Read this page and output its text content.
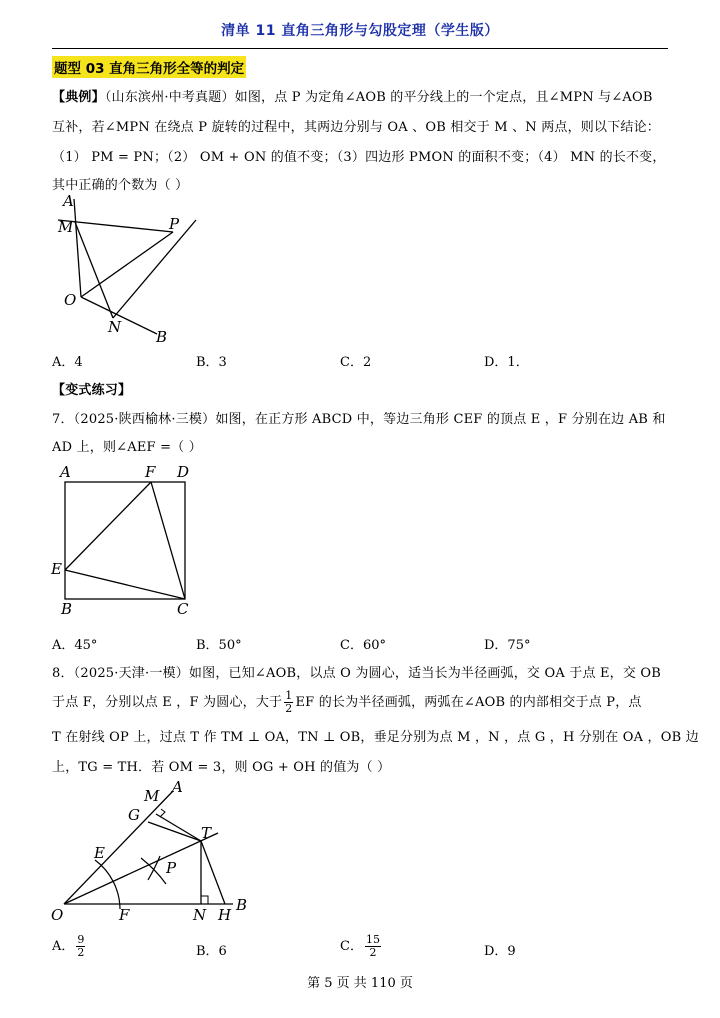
清单 11 直角三角形与勾股定理（学生版）
题型 03 直角三角形全等的判定
【典例】（山东滨州·中考真题）如图，点 P 为定角∠AOB 的平分线上的一个定点，且∠MPN 与∠AOB
互补，若∠MPN 在绕点 P 旋转的过程中，其两边分别与 OA 、OB 相交于 M 、N 两点，则以下结论：
（1） PM = PN；（2） OM + ON 的值不变；（3）四边形 PMON 的面积不变；（4） MN 的长不变，
其中正确的个数为（ ）
A
M	P
O
N
B
A．4	B．3	C．2	D．1．
【变式练习】
7．（2025·陕西榆林·三模）如图，在正方形 ABCD 中，等边三角形 CEF 的顶点 E ，F 分别在边 AB 和
AD 上，则∠AEF =（ ）
A	F D
E
B	C
A．45°	B．50°	C．60°	D．75°
8．（2025·天津·一模）如图，已知∠AOB，以点 O 为圆心，适当长为半径画弧，交 OA 于点 E，交 OB
于点 F，分别以点 E ，F 为圆心，大于 $\frac{1}{2}$ EF 的长为半径画弧，两弧在∠AOB 的内部相交于点 P，点
T 在射线 OP 上，过点 T 作 TM ⊥ OA，TN ⊥ OB，垂足分别为点 M ，N ，点 G ，H 分别在 OA ，OB 边
上，TG = TH．若 OM = 3，则 OG + OH 的值为（ ）
A
M
G
T
E
P
O	F	N H
B
A． $\frac{9}{2}$	B．6	C． $\frac{15}{2}$	D．9
第 5 页 共 110 页
